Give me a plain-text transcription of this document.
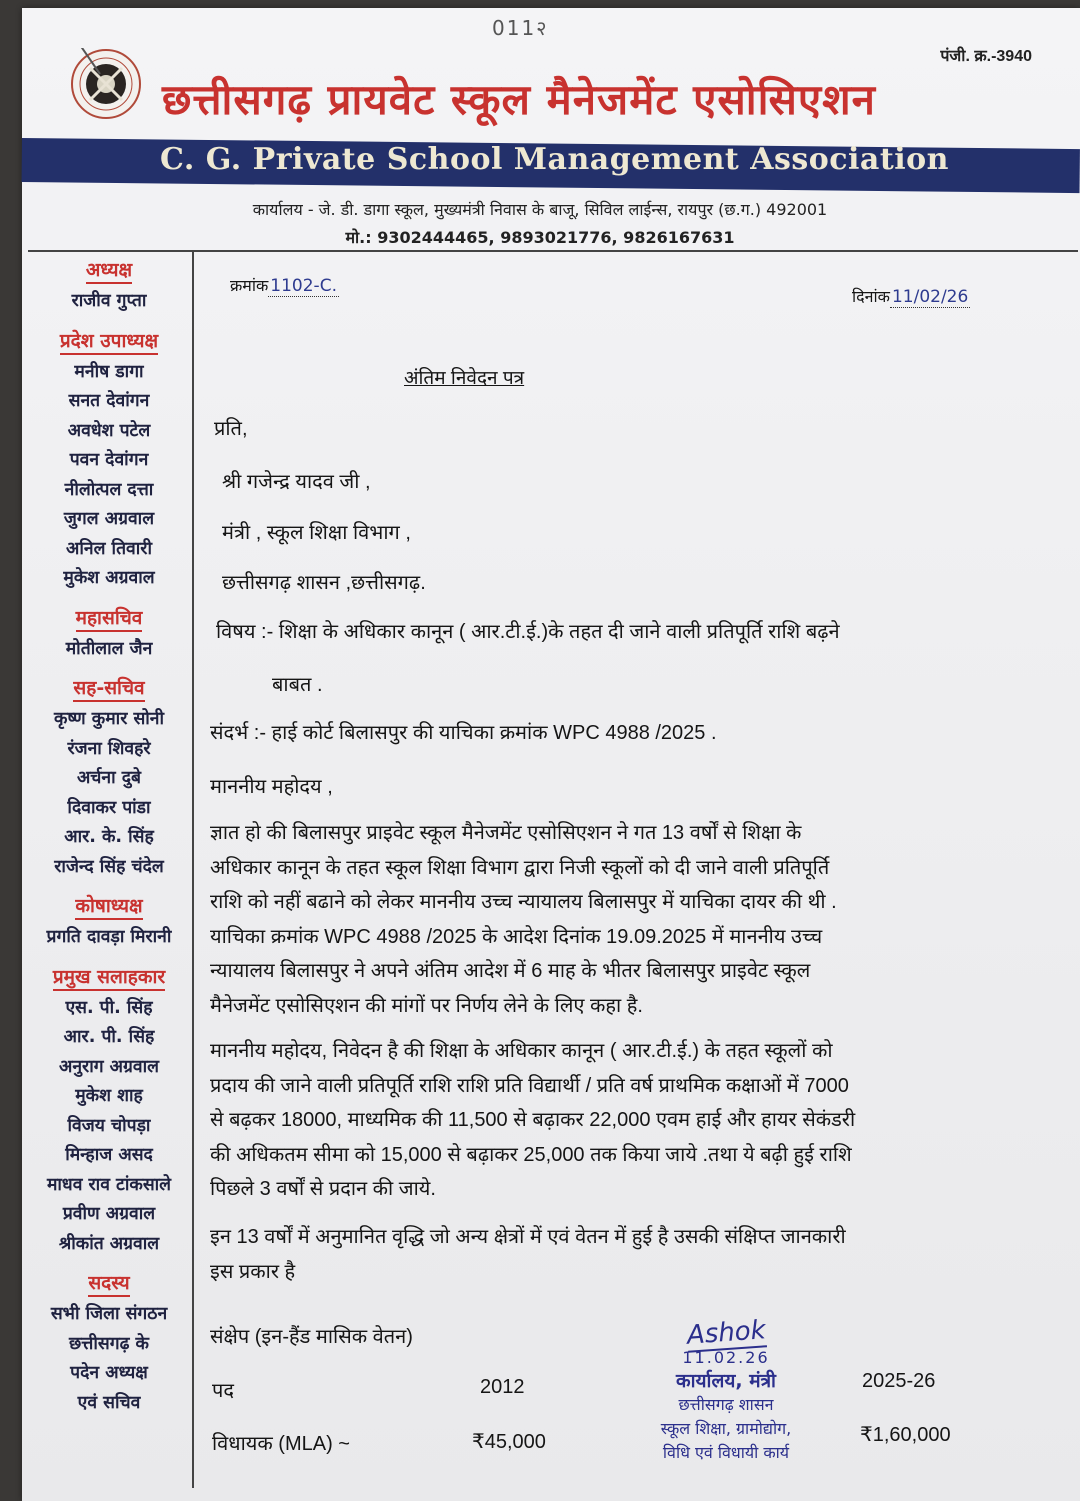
011२
पंजी. क्र.-3940
छत्तीसगढ़ प्रायवेट स्कूल मैनेजमेंट एसोसिएशन
C. G. Private School Management Association
कार्यालय - जे. डी. डागा स्कूल, मुख्यमंत्री निवास के बाजू, सिविल लाईन्स, रायपुर (छ.ग.) 492001
मो.: 9302444465, 9893021776, 9826167631
अध्यक्ष
राजीव गुप्ता
प्रदेश उपाध्यक्ष
मनीष डागा
सनत देवांगन
अवधेश पटेल
पवन देवांगन
नीलोत्पल दत्ता
जुगल अग्रवाल
अनिल तिवारी
मुकेश अग्रवाल
महासचिव
मोतीलाल जैन
सह-सचिव
कृष्ण कुमार सोनी
रंजना शिवहरे
अर्चना दुबे
दिवाकर पांडा
आर. के. सिंह
राजेन्द सिंह चंदेल
कोषाध्यक्ष
प्रगति दावड़ा मिरानी
प्रमुख सलाहकार
एस. पी. सिंह
आर. पी. सिंह
अनुराग अग्रवाल
मुकेश शाह
विजय चोपड़ा
मिन्हाज असद
माधव राव टांकसाले
प्रवीण अग्रवाल
श्रीकांत अग्रवाल
सदस्य
सभी जिला संगठन
छत्तीसगढ़ के
पदेन अध्यक्ष
एवं सचिव
क्रमांक 1102-C.
दिनांक 11/02/26
अंतिम निवेदन पत्र
प्रति,
श्री गजेन्द्र यादव जी ,
मंत्री , स्कूल शिक्षा विभाग ,
छत्तीसगढ़ शासन ,छत्तीसगढ़.
विषय :- शिक्षा के अधिकार कानून ( आर.टी.ई.)के तहत दी जाने वाली प्रतिपूर्ति राशि बढ़ने
बाबत .
संदर्भ :- हाई कोर्ट बिलासपुर की याचिका क्रमांक WPC 4988 /2025 .
माननीय महोदय ,
ज्ञात हो की बिलासपुर प्राइवेट स्कूल मैनेजमेंट एसोसिएशन ने गत 13 वर्षों से शिक्षा के
अधिकार कानून के तहत स्कूल शिक्षा विभाग द्वारा निजी स्कूलों को दी जाने वाली प्रतिपूर्ति
राशि को नहीं बढाने को लेकर माननीय उच्च न्यायालय बिलासपुर में याचिका दायर की थी .
याचिका क्रमांक WPC 4988 /2025 के आदेश दिनांक 19.09.2025 में माननीय उच्च
न्यायालय बिलासपुर ने अपने अंतिम आदेश में 6 माह के भीतर बिलासपुर प्राइवेट स्कूल
मैनेजमेंट एसोसिएशन की मांगों पर निर्णय लेने के लिए कहा है.
माननीय महोदय, निवेदन है की शिक्षा के अधिकार कानून ( आर.टी.ई.) के तहत स्कूलों को
प्रदाय की जाने वाली प्रतिपूर्ति राशि राशि प्रति विद्यार्थी / प्रति वर्ष प्राथमिक कक्षाओं में 7000
से बढ़कर 18000, माध्यमिक की 11,500 से बढ़ाकर 22,000 एवम हाई और हायर सेकंडरी
की अधिकतम सीमा को 15,000 से बढ़ाकर 25,000 तक किया जाये .तथा ये बढ़ी हुई राशि
पिछले 3 वर्षों से प्रदान की जाये.
इन 13 वर्षों में अनुमानित वृद्धि जो अन्य क्षेत्रों में एवं वेतन में हुई है उसकी संक्षिप्त जानकारी
इस प्रकार है
संक्षेप (इन-हैंड मासिक वेतन)
पद	2012	2025-26
विधायक (MLA) ~	₹45,000	₹1,60,000
Ashok
11.02.26
कार्यालय, मंत्री
छत्तीसगढ़ शासन
स्कूल शिक्षा, ग्रामोद्योग,
विधि एवं विधायी कार्य
